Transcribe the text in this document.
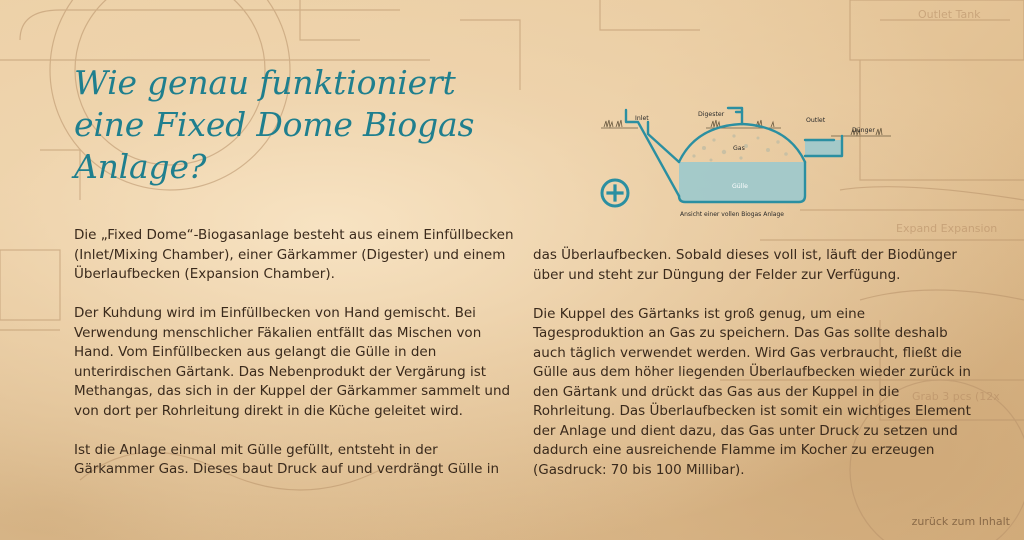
Outlet Tank
Expand Expansion
Grab 3 pcs (12x
Wie genau funktioniert eine Fixed Dome Biogas Anlage?
Inlet
Digester
Outlet
Dünger
Gas
Gülle
Ansicht einer vollen Biogas Anlage

Die „Fixed Dome“-Biogasanlage besteht aus einem Einfüllbecken (Inlet/Mixing Chamber), einer Gärkammer (Digester) und einem Überlaufbecken (Expansion Chamber).

Der Kuhdung wird im Einfüllbecken von Hand gemischt. Bei Verwendung menschlicher Fäkalien entfällt das Mischen von Hand. Vom Einfüllbecken aus gelangt die Gülle in den unterirdischen Gärtank. Das Nebenprodukt der Vergärung ist Methangas, das sich in der Kuppel der Gärkammer sammelt und von dort per Rohrleitung direkt in die Küche geleitet wird.

Ist die Anlage einmal mit Gülle gefüllt, entsteht in der Gärkammer Gas. Dieses baut Druck auf und verdrängt Gülle in

das Überlaufbecken. Sobald dieses voll ist, läuft der Biodünger über und steht zur Düngung der Felder zur Verfügung.

Die Kuppel des Gärtanks ist groß genug, um eine Tagesproduktion an Gas zu speichern. Das Gas sollte deshalb auch täglich verwendet werden. Wird Gas verbraucht, fließt die Gülle aus dem höher liegenden Überlaufbecken wieder zurück in den Gärtank und drückt das Gas aus der Kuppel in die Rohrleitung. Das Überlaufbecken ist somit ein wichtiges Element der Anlage und dient dazu, das Gas unter Druck zu setzen und dadurch eine ausreichende Flamme im Kocher zu erzeugen (Gasdruck: 70 bis 100 Millibar).

zurück zum Inhalt
